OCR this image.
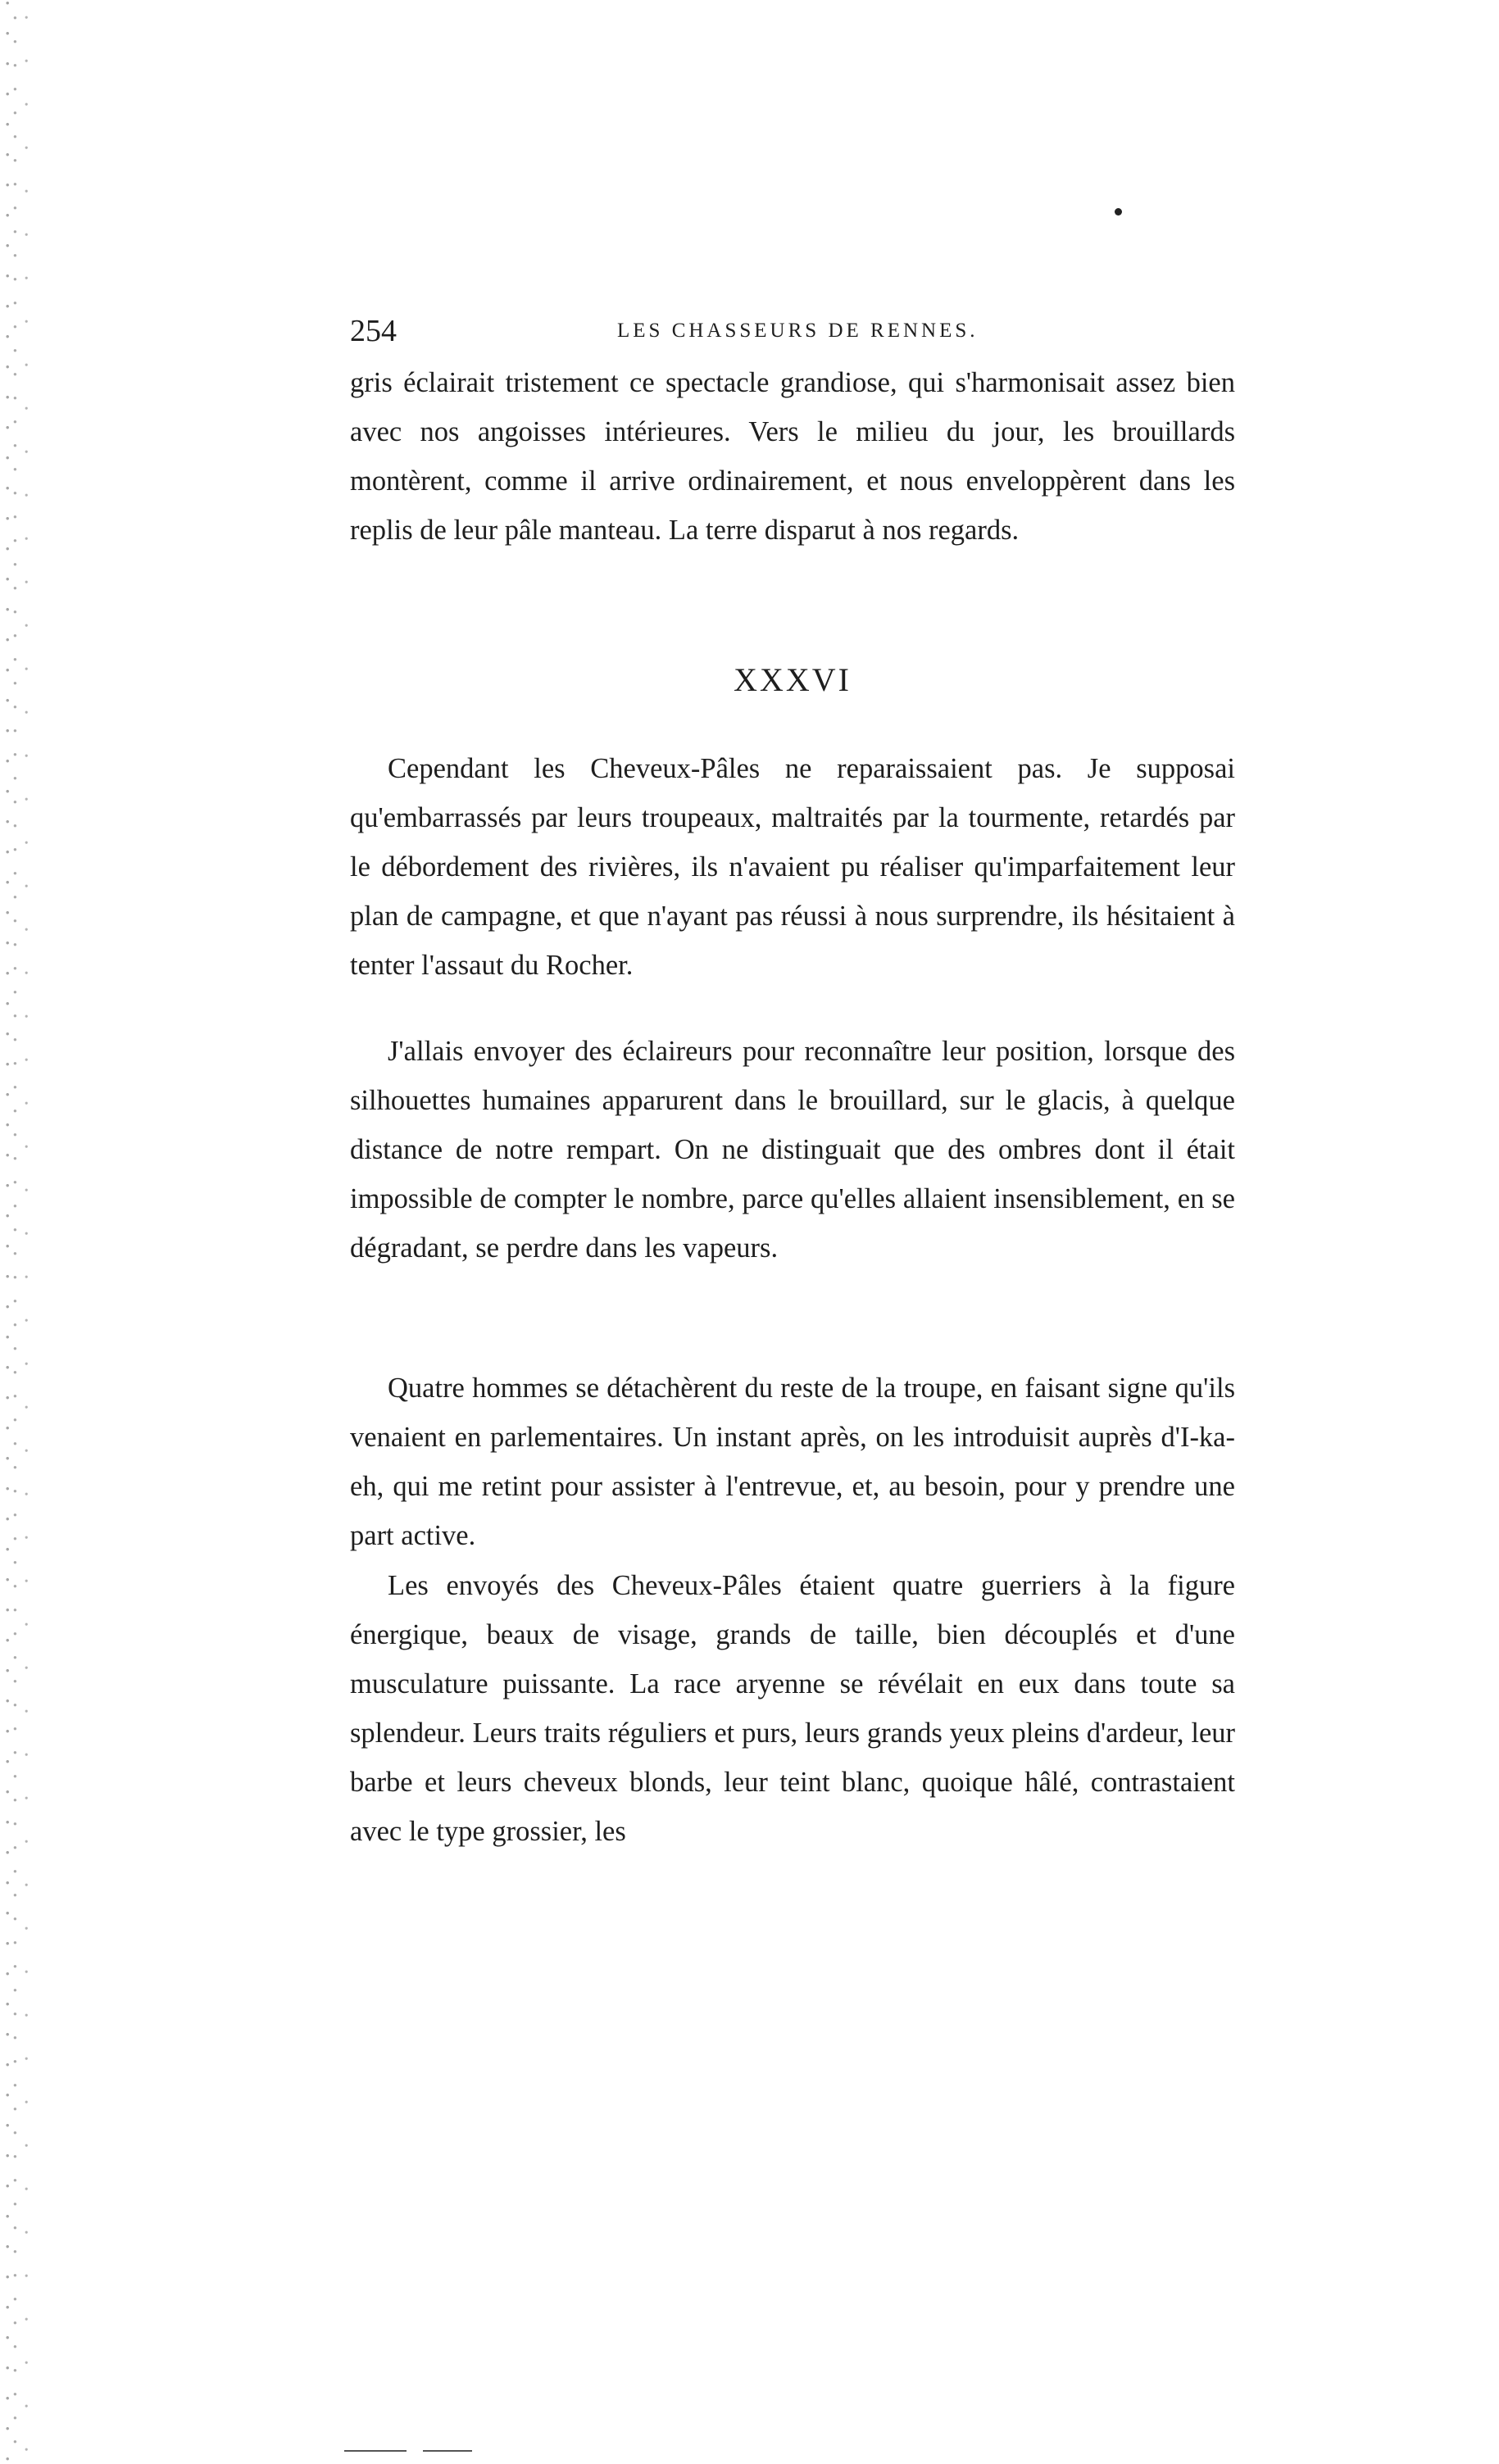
254	LES CHASSEURS DE RENNES.

gris éclairait tristement ce spectacle grandiose, qui s'harmonisait assez bien avec nos angoisses intérieures. Vers le milieu du jour, les brouillards montèrent, comme il arrive ordinairement, et nous enveloppèrent dans les replis de leur pâle manteau. La terre disparut à nos regards.

XXXVI

Cependant les Cheveux-Pâles ne reparaissaient pas. Je supposai qu'embarrassés par leurs troupeaux, maltraités par la tourmente, retardés par le débordement des rivières, ils n'avaient pu réaliser qu'imparfaitement leur plan de campagne, et que n'ayant pas réussi à nous surprendre, ils hésitaient à tenter l'assaut du Rocher.

J'allais envoyer des éclaireurs pour reconnaître leur position, lorsque des silhouettes humaines apparurent dans le brouillard, sur le glacis, à quelque distance de notre rempart. On ne distinguait que des ombres dont il était impossible de compter le nombre, parce qu'elles allaient insensiblement, en se dégradant, se perdre dans les vapeurs.

Quatre hommes se détachèrent du reste de la troupe, en faisant signe qu'ils venaient en parlementaires. Un instant après, on les introduisit auprès d'I-ka-eh, qui me retint pour assister à l'entrevue, et, au besoin, pour y prendre une part active.

Les envoyés des Cheveux-Pâles étaient quatre guerriers à la figure énergique, beaux de visage, grands de taille, bien découplés et d'une musculature puissante. La race aryenne se révélait en eux dans toute sa splendeur. Leurs traits réguliers et purs, leurs grands yeux pleins d'ardeur, leur barbe et leurs cheveux blonds, leur teint blanc, quoique hâlé, contrastaient avec le type grossier, les
